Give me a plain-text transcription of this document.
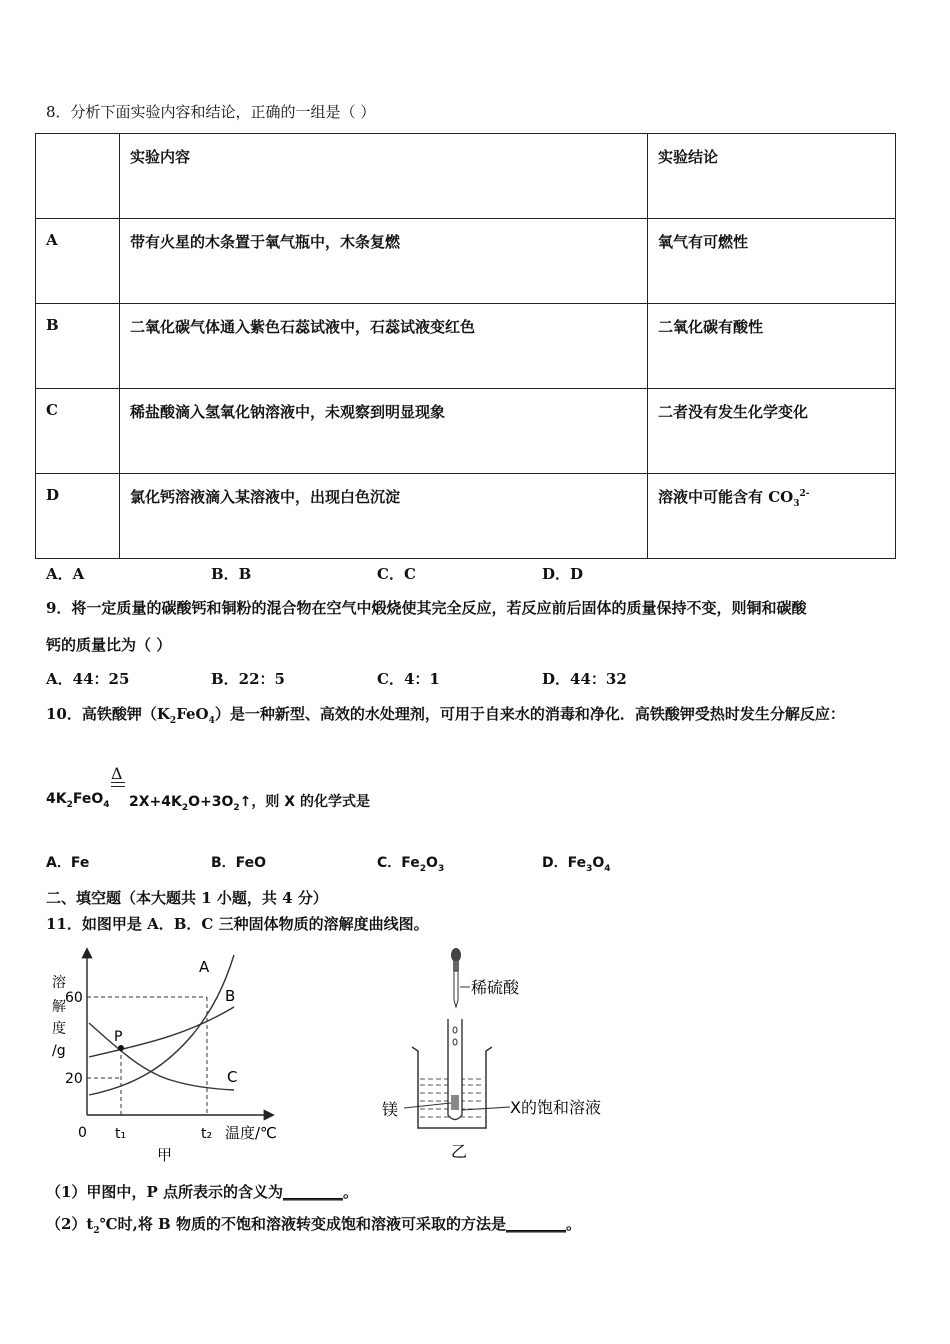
8．分析下面实验内容和结论，正确的一组是（ ）
	实验内容	实验结论
A	带有火星的木条置于氧气瓶中，木条复燃	氧气有可燃性
B	二氧化碳气体通入紫色石蕊试液中，石蕊试液变红色	二氧化碳有酸性
C	稀盐酸滴入氢氧化钠溶液中，未观察到明显现象	二者没有发生化学变化
D	氯化钙溶液滴入某溶液中，出现白色沉淀	溶液中可能含有 $CO_3^{2-}$
A．A	B．B	C．C	D．D
9．将一定质量的碳酸钙和铜粉的混合物在空气中煅烧使其完全反应，若反应前后固体的质量保持不变，则铜和碳酸
钙的质量比为（ ）
A．44：25	B．22：5	C．4：1	D．44：32
10．高铁酸钾$(K_2FeO_4)$是一种新型、高效的水处理剂，可用于自来水的消毒和净化．高铁酸钾受热时发生分解反应：
Δ
$4K_2FeO_4$ $2X+4K_2O+3O_2↑$，则 X 的化学式是
A．Fe	B．FeO	C．$Fe_2O_3$	D．$Fe_3O_4$
二、填空题（本大题共 1 小题，共 4 分）
11．如图甲是 A．B．C 三种固体物质的溶解度曲线图。
溶
解
度
/g
60
20
0 t₁	t₂ 温度/℃
甲
A
B
C
P
稀硫酸
镁	X的饱和溶液
乙
（1）甲图中，P 点所表示的含义为________。
$(2)t_2℃$时,将 B 物质的不饱和溶液转变成饱和溶液可采取的方法是________。
